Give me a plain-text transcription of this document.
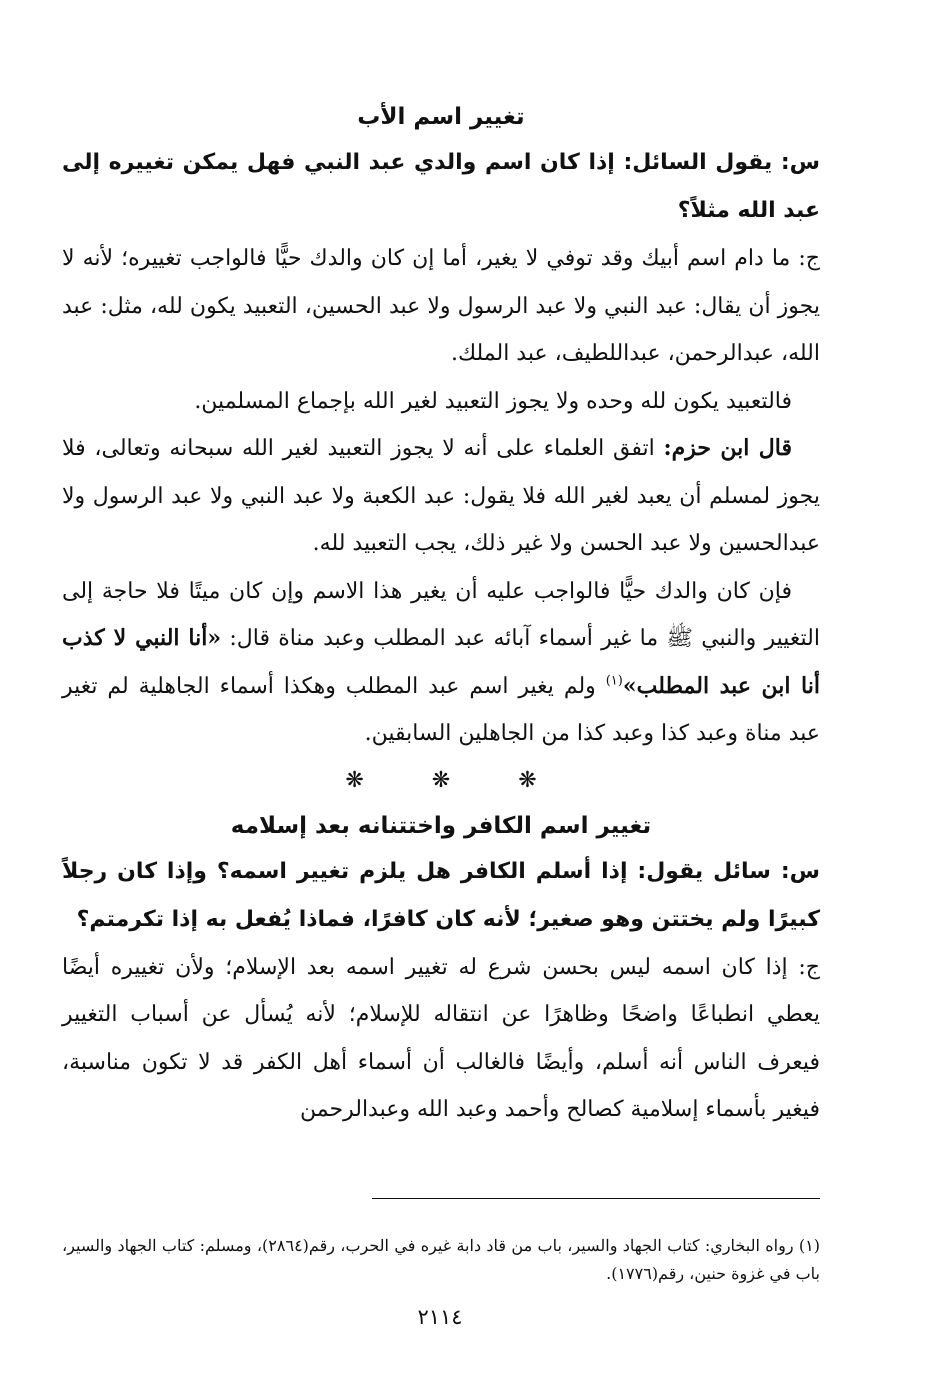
تغيير اسم الأب

س: يقول السائل: إذا كان اسم والدي عبد النبي فهل يمكن تغييره إلى عبد الله مثلاً؟

ج: ما دام اسم أبيك وقد توفي لا يغير، أما إن كان والدك حيًّا فالواجب تغييره؛ لأنه لا يجوز أن يقال: عبد النبي ولا عبد الرسول ولا عبد الحسين، التعبيد يكون لله، مثل: عبد الله، عبدالرحمن، عبداللطيف، عبد الملك.

فالتعبيد يكون لله وحده ولا يجوز التعبيد لغير الله بإجماع المسلمين.

قال ابن حزم: اتفق العلماء على أنه لا يجوز التعبيد لغير الله سبحانه وتعالى، فلا يجوز لمسلم أن يعبد لغير الله فلا يقول: عبد الكعبة ولا عبد النبي ولا عبد الرسول ولا عبدالحسين ولا عبد الحسن ولا غير ذلك، يجب التعبيد لله.

فإن كان والدك حيًّا فالواجب عليه أن يغير هذا الاسم وإن كان ميتًا فلا حاجة إلى التغيير والنبي ﷺ ما غير أسماء آبائه عبد المطلب وعبد مناة قال: «أنا النبي لا كذب أنا ابن عبد المطلب»$^{(١)}$ ولم يغير اسم عبد المطلب وهكذا أسماء الجاهلية لم تغير عبد مناة وعبد كذا وعبد كذا من الجاهلين السابقين.

❋❋❋
تغيير اسم الكافر واختتنانه بعد إسلامه

س: سائل يقول: إذا أسلم الكافر هل يلزم تغيير اسمه؟ وإذا كان رجلاً كبيرًا ولم يختتن وهو صغير؛ لأنه كان كافرًا، فماذا يُفعل به إذا تكرمتم؟

ج: إذا كان اسمه ليس بحسن شرع له تغيير اسمه بعد الإسلام؛ ولأن تغييره أيضًا يعطي انطباعًا واضحًا وظاهرًا عن انتقاله للإسلام؛ لأنه يُسأل عن أسباب التغيير فيعرف الناس أنه أسلم، وأيضًا فالغالب أن أسماء أهل الكفر قد لا تكون مناسبة، فيغير بأسماء إسلامية كصالح وأحمد وعبد الله وعبدالرحمن

(١) رواه البخاري: كتاب الجهاد والسير، باب من قاد دابة غيره في الحرب، رقم(٢٨٦٤)، ومسلم: كتاب الجهاد والسير، باب في غزوة حنين، رقم(١٧٧٦).
٢١١٤
